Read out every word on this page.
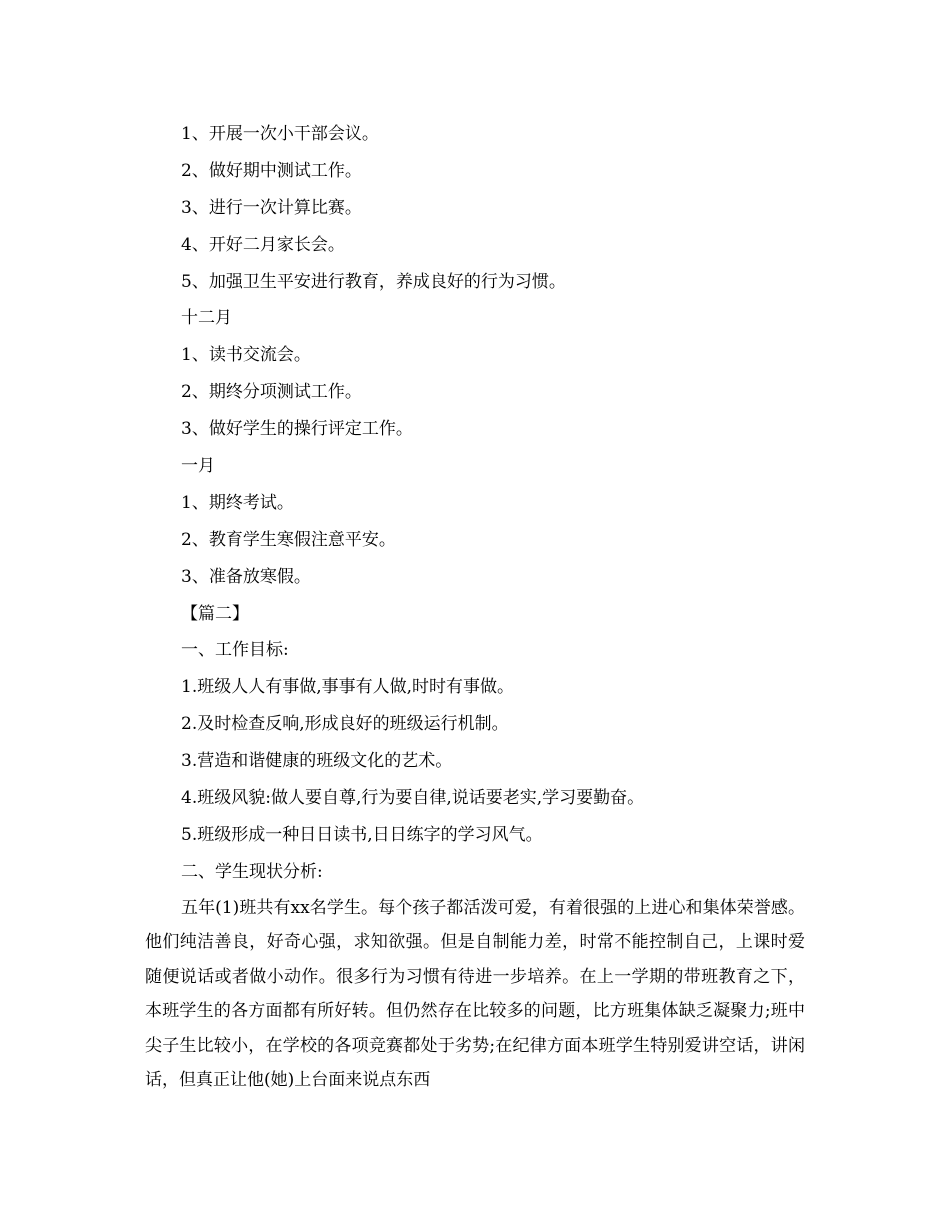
1、开展一次小干部会议。
2、做好期中测试工作。
3、进行一次计算比赛。
4、开好二月家长会。
5、加强卫生平安进行教育，养成良好的行为习惯。
十二月
1、读书交流会。
2、期终分项测试工作。
3、做好学生的操行评定工作。
一月
1、期终考试。
2、教育学生寒假注意平安。
3、准备放寒假。
【篇二】
一、工作目标:
1.班级人人有事做,事事有人做,时时有事做。
2.及时检查反响,形成良好的班级运行机制。
3.营造和谐健康的班级文化的艺术。
4.班级风貌:做人要自尊,行为要自律,说话要老实,学习要勤奋。
5.班级形成一种日日读书,日日练字的学习风气。
二、学生现状分析:

五年(1)班共有xx名学生。每个孩子都活泼可爱，有着很强的上进心和集体荣誉感。他们纯洁善良，好奇心强，求知欲强。但是自制能力差，时常不能控制自己，上课时爱随便说话或者做小动作。很多行为习惯有待进一步培养。在上一学期的带班教育之下，本班学生的各方面都有所好转。但仍然存在比较多的问题，比方班集体缺乏凝聚力;班中尖子生比较小，在学校的各项竞赛都处于劣势;在纪律方面本班学生特别爱讲空话，讲闲话，但真正让他(她)上台面来说点东西
